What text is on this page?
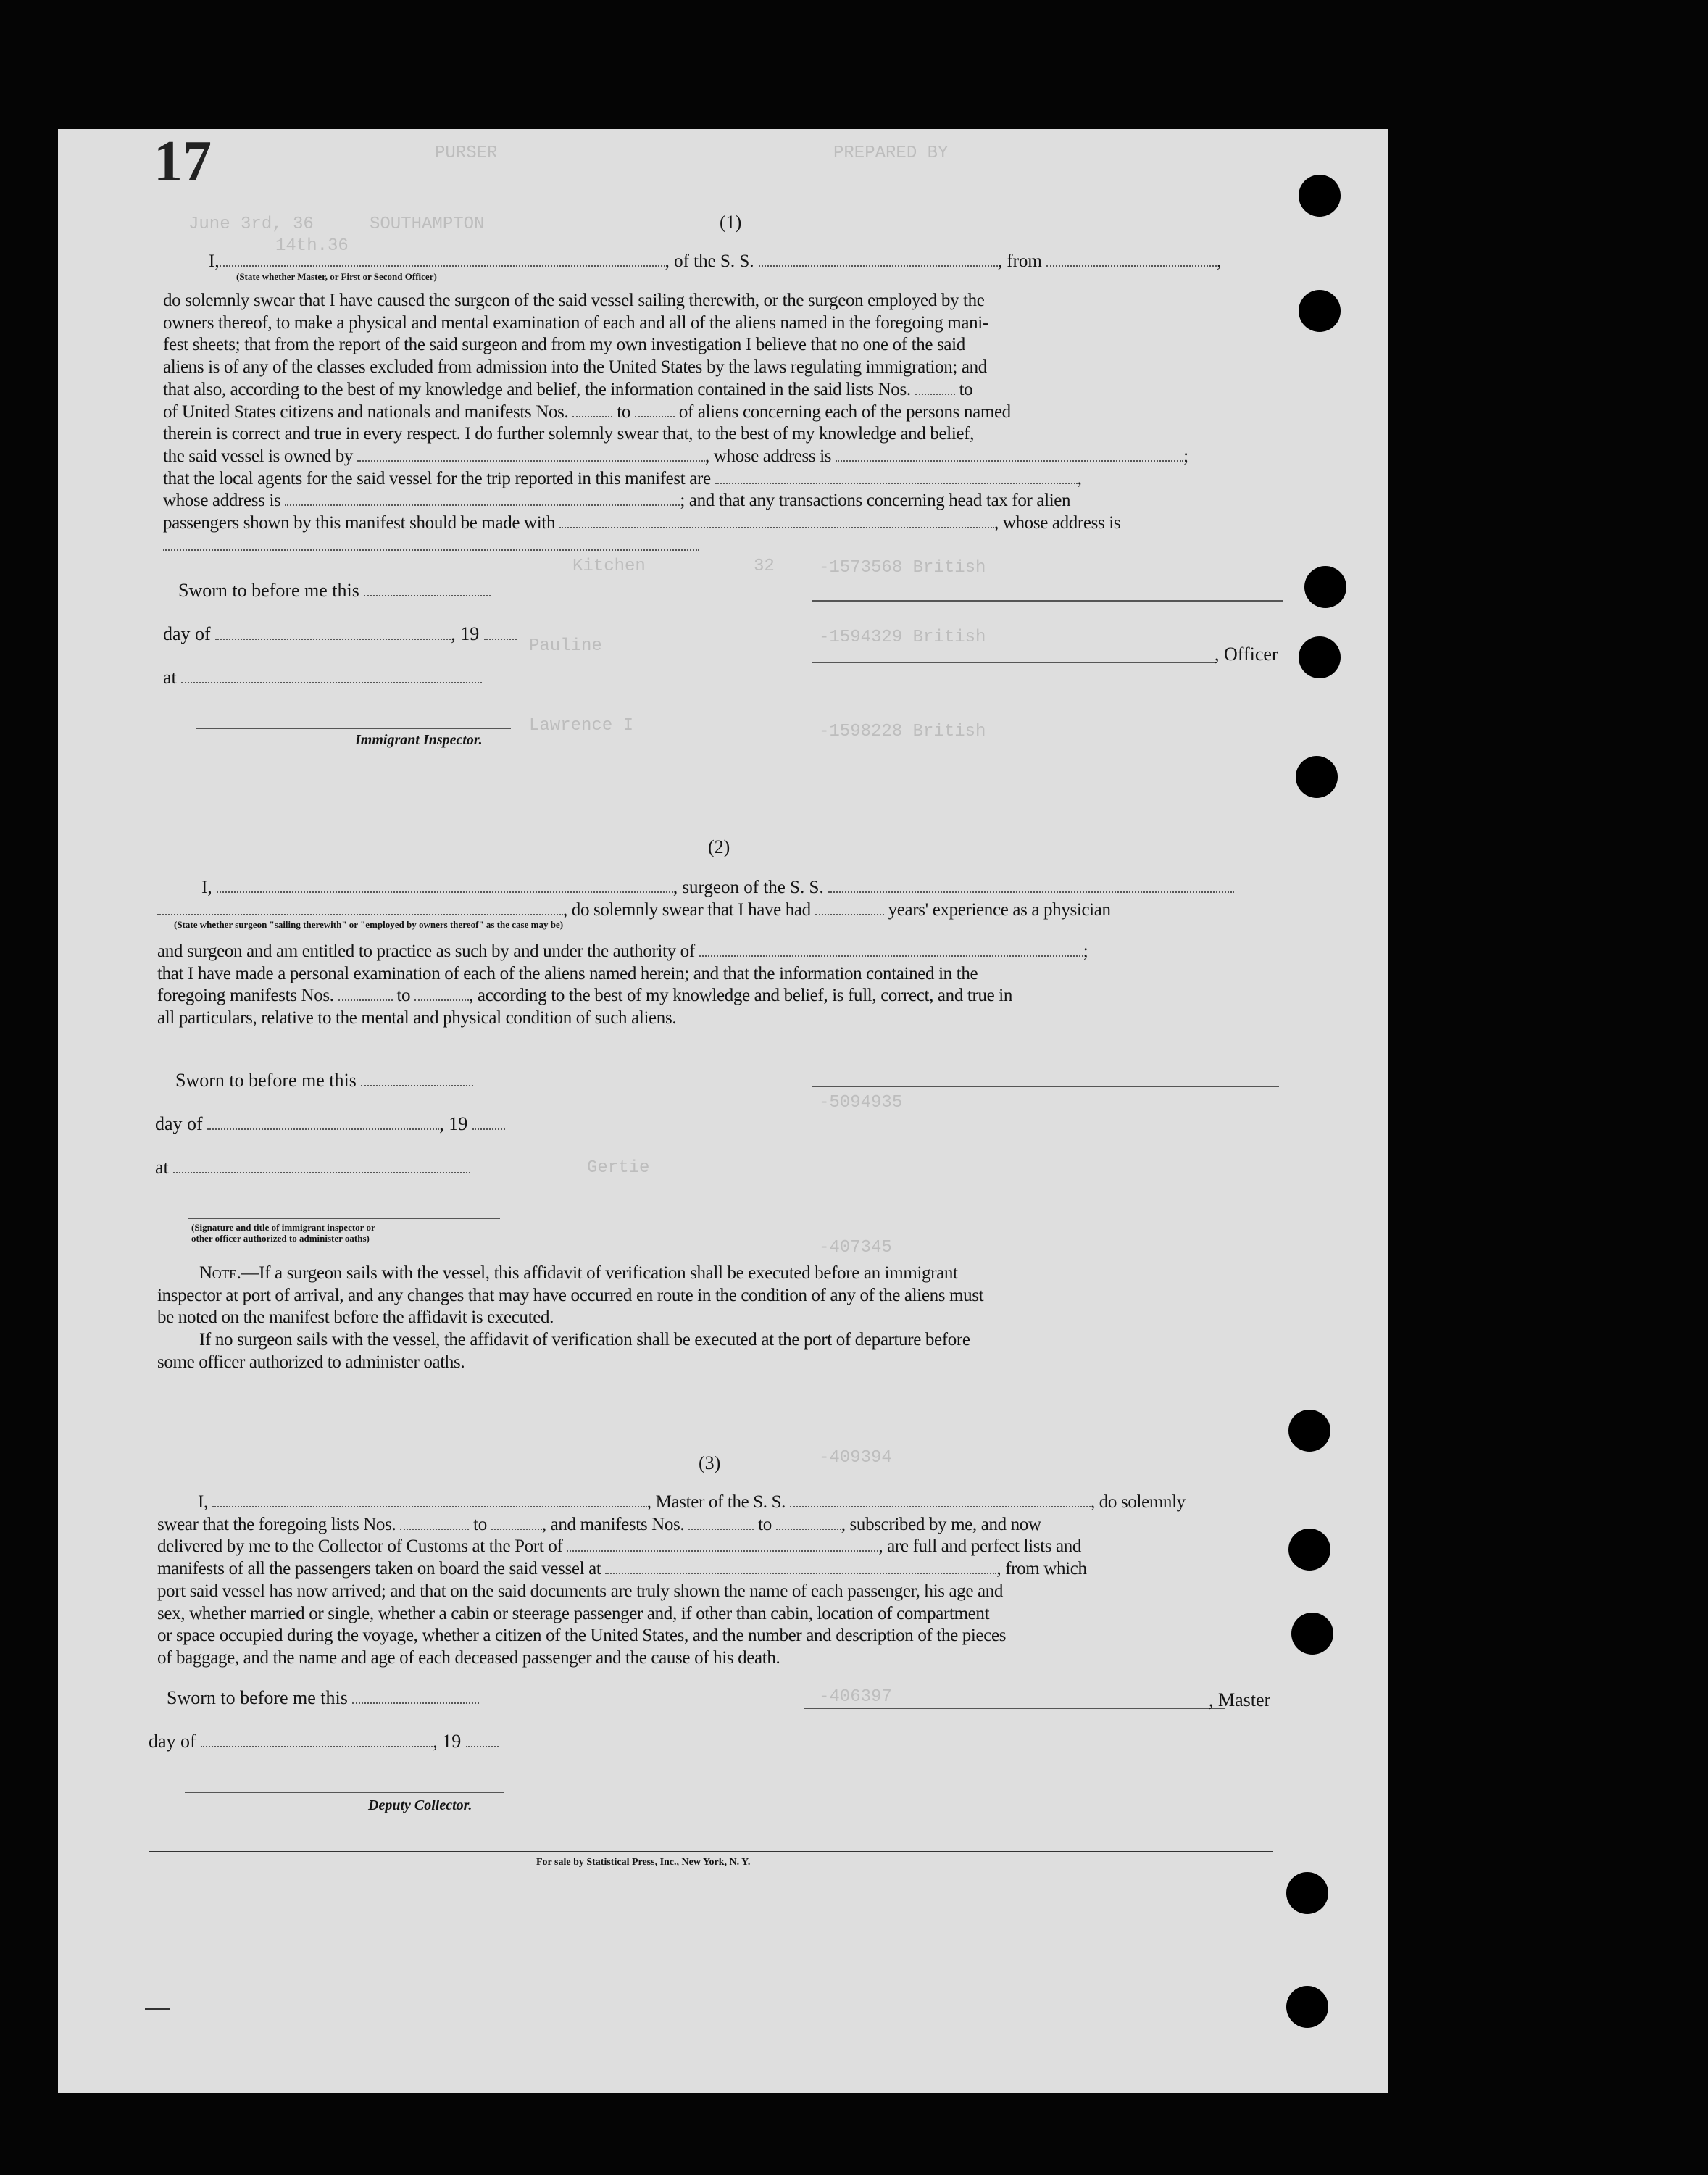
17	PURSER	PREPARED BY
June 3rd, 36	SOUTHAMPTON
14th.36
Kitchen	32	-1573568 British
Pauline	-1594329 British
Lawrence I	-1598228 British
-5094935
Gertie
-407345
-409394
-406397
(1)
I,	, of the S. S.	, from	,
(State whether Master, or First or Second Officer)
do solemnly swear that I have caused the surgeon of the said vessel sailing therewith, or the surgeon employed by the
owners thereof, to make a physical and mental examination of each and all of the aliens named in the foregoing mani-
fest sheets; that from the report of the said surgeon and from my own investigation I believe that no one of the said
aliens is of any of the classes excluded from admission into the United States by the laws regulating immigration; and
that also, according to the best of my knowledge and belief, the information contained in the said lists Nos.	to
of United States citizens and nationals and manifests Nos.	to	of aliens concerning each of the persons named
therein is correct and true in every respect. I do further solemnly swear that, to the best of my knowledge and belief,
the said vessel is owned by	, whose address is	;
that the local agents for the said vessel for the trip reported in this manifest are	,
whose address is	; and that any transactions concerning head tax for alien
passengers shown by this manifest should be made with	, whose address is
Sworn to before me this
day of	, 19
at
Immigrant Inspector.
, Officer
(2)
I,	, surgeon of the S. S.
, do solemnly swear that I have had	years' experience as a physician
(State whether surgeon "sailing therewith" or "employed by owners thereof" as the case may be)
and surgeon and am entitled to practice as such by and under the authority of	;
that I have made a personal examination of each of the aliens named herein; and that the information contained in the
foregoing manifests Nos.	to	, according to the best of my knowledge and belief, is full, correct, and true in
all particulars, relative to the mental and physical condition of such aliens.
Sworn to before me this
day of	, 19
at
(Signature and title of immigrant inspector or
other officer authorized to administer oaths)
Note.—If a surgeon sails with the vessel, this affidavit of verification shall be executed before an immigrant
inspector at port of arrival, and any changes that may have occurred en route in the condition of any of the aliens must
be noted on the manifest before the affidavit is executed.
If no surgeon sails with the vessel, the affidavit of verification shall be executed at the port of departure before
some officer authorized to administer oaths.
(3)
I,	, Master of the S. S.	, do solemnly
swear that the foregoing lists Nos.	to	, and manifests Nos.	to	, subscribed by me, and now
delivered by me to the Collector of Customs at the Port of	, are full and perfect lists and
manifests of all the passengers taken on board the said vessel at	, from which
port said vessel has now arrived; and that on the said documents are truly shown the name of each passenger, his age and
sex, whether married or single, whether a cabin or steerage passenger and, if other than cabin, location of compartment
or space occupied during the voyage, whether a citizen of the United States, and the number and description of the pieces
of baggage, and the name and age of each deceased passenger and the cause of his death.
Sworn to before me this	, Master
day of	, 19
Deputy Collector.
For sale by Statistical Press, Inc., New York, N. Y.
